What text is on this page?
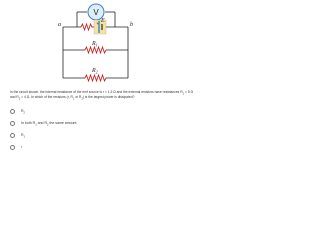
V
+ E
a	b
$R_1$
$R_2$
In the circuit shown, the internal resistance of the emf source is r = 1.3 Ω and the external resistors have resistances $R_1 = 5$ Ω and $R_2 = 4$ Ω. In which of the resistors (r, $R_1$ or $R_2$) is the largest power is dissipated?
$R_2$
In both $R_1$ and $R_2$ the same amount
$R_1$
r
